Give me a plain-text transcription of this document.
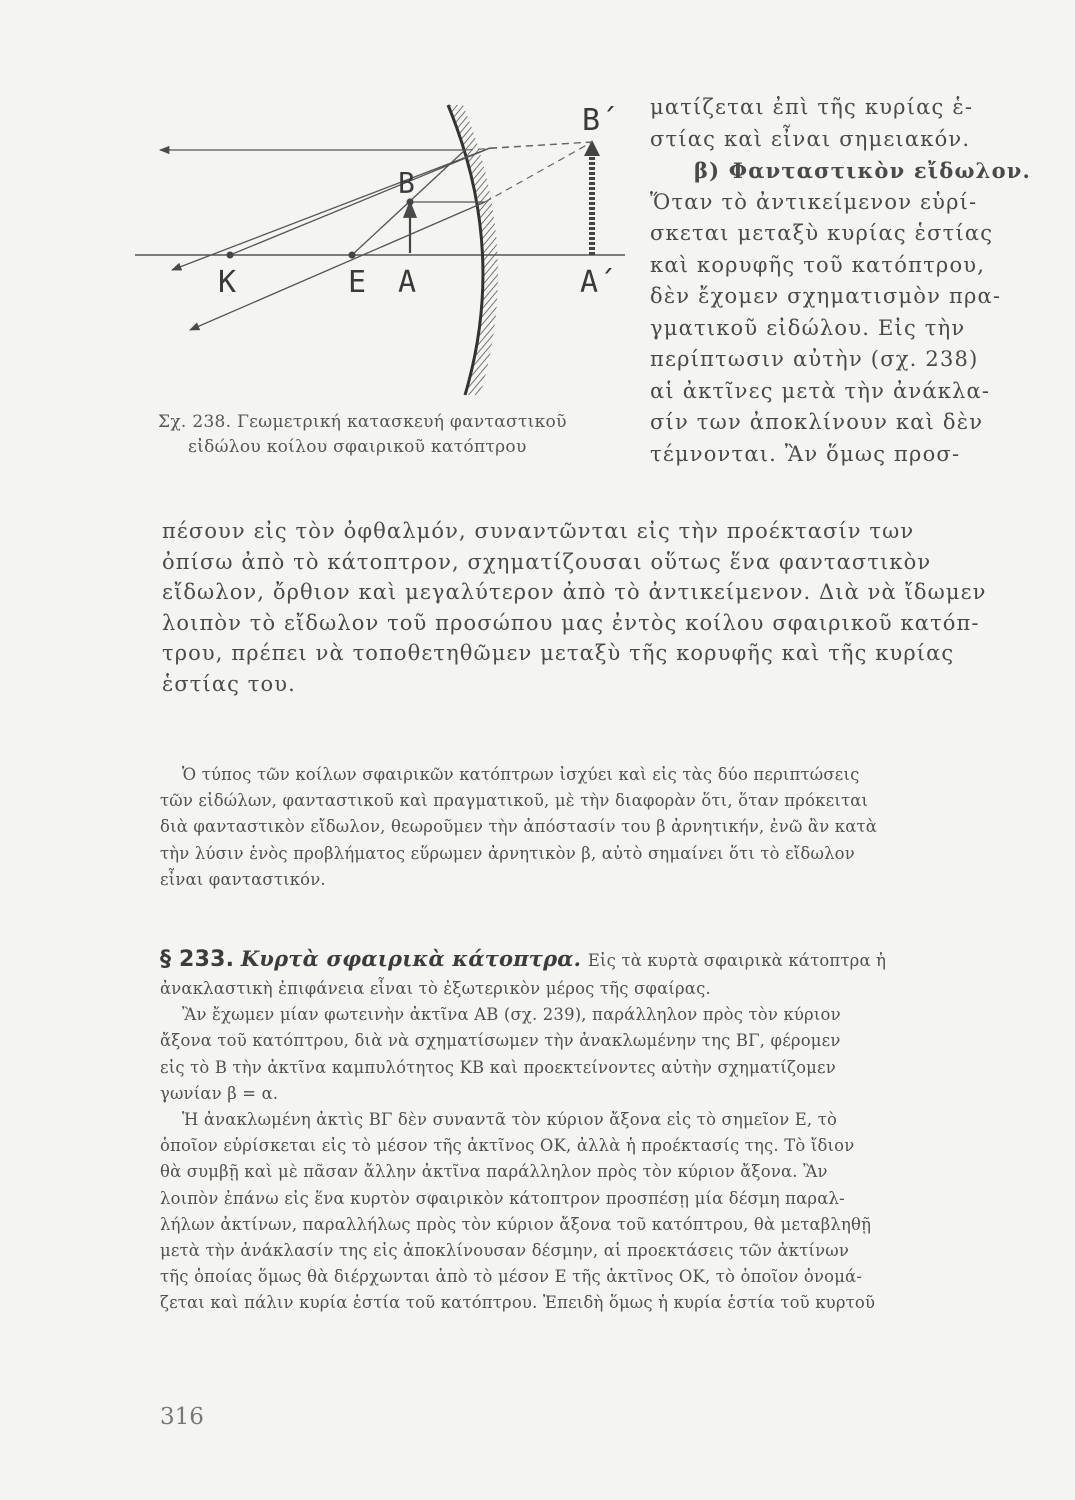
Β΄
Β
Κ	Ε Α	Α΄
Σχ. 238. Γεωμετρική κατασκευή φανταστικοῦ
εἰδώλου κοίλου σφαιρικοῦ κατόπτρου
ματίζεται ἐπὶ τῆς κυρίας ἑ-
στίας καὶ εἶναι σημειακόν.
β) Φανταστικὸν εἴδωλον.
Ὅταν τὸ ἀντικείμενον εὑρί-
σκεται μεταξὺ κυρίας ἑστίας
καὶ κορυφῆς τοῦ κατόπτρου,
δὲν ἔχομεν σχηματισμὸν πρα-
γματικοῦ εἰδώλου. Εἰς τὴν
περίπτωσιν αὐτὴν (σχ. 238)
αἱ ἀκτῖνες μετὰ τὴν ἀνάκλα-
σίν των ἀποκλίνουν καὶ δὲν
τέμνονται. Ἂν ὅμως προσ-
πέσουν εἰς τὸν ὀφθαλμόν, συναντῶνται εἰς τὴν προέκτασίν των
ὀπίσω ἀπὸ τὸ κάτοπτρον, σχηματίζουσαι οὕτως ἕνα φανταστικὸν
εἴδωλον, ὄρθιον καὶ μεγαλύτερον ἀπὸ τὸ ἀντικείμενον. Διὰ νὰ ἴδωμεν
λοιπὸν τὸ εἴδωλον τοῦ προσώπου μας ἐντὸς κοίλου σφαιρικοῦ κατόπ-
τρου, πρέπει νὰ τοποθετηθῶμεν μεταξὺ τῆς κορυφῆς καὶ τῆς κυρίας
ἑστίας του.
Ὁ τύπος τῶν κοίλων σφαιρικῶν κατόπτρων ἰσχύει καὶ εἰς τὰς δύο περιπτώσεις
τῶν εἰδώλων, φανταστικοῦ καὶ πραγματικοῦ, μὲ τὴν διαφορὰν ὅτι, ὅταν πρόκειται
διὰ φανταστικὸν εἴδωλον, θεωροῦμεν τὴν ἀπόστασίν του β ἀρνητικήν, ἐνῶ ἂν κατὰ
τὴν λύσιν ἑνὸς προβλήματος εὕρωμεν ἀρνητικὸν β, αὐτὸ σημαίνει ὅτι τὸ εἴδωλον
εἶναι φανταστικόν.
§ 233. Κυρτὰ σφαιρικὰ κάτοπτρα. Εἰς τὰ κυρτὰ σφαιρικὰ κάτοπτρα ἡ
ἀνακλαστικὴ ἐπιφάνεια εἶναι τὸ ἐξωτερικὸν μέρος τῆς σφαίρας.
Ἂν ἔχωμεν μίαν φωτεινὴν ἀκτῖνα ΑΒ (σχ. 239), παράλληλον πρὸς τὸν κύριον
ἄξονα τοῦ κατόπτρου, διὰ νὰ σχηματίσωμεν τὴν ἀνακλωμένην της ΒΓ, φέρομεν
εἰς τὸ Β τὴν ἀκτῖνα καμπυλότητος ΚΒ καὶ προεκτείνοντες αὐτὴν σχηματίζομεν
γωνίαν β = α.
Ἡ ἀνακλωμένη ἀκτὶς ΒΓ δὲν συναντᾶ τὸν κύριον ἄξονα εἰς τὸ σημεῖον Ε, τὸ
ὁποῖον εὑρίσκεται εἰς τὸ μέσον τῆς ἀκτῖνος ΟΚ, ἀλλὰ ἡ προέκτασίς της. Τὸ ἴδιον
θὰ συμβῇ καὶ μὲ πᾶσαν ἄλλην ἀκτῖνα παράλληλον πρὸς τὸν κύριον ἄξονα. Ἂν
λοιπὸν ἐπάνω εἰς ἕνα κυρτὸν σφαιρικὸν κάτοπτρον προσπέσῃ μία δέσμη παραλ-
λήλων ἀκτίνων, παραλλήλως πρὸς τὸν κύριον ἄξονα τοῦ κατόπτρου, θὰ μεταβληθῇ
μετὰ τὴν ἀνάκλασίν της εἰς ἀποκλίνουσαν δέσμην, αἱ προεκτάσεις τῶν ἀκτίνων
τῆς ὁποίας ὅμως θὰ διέρχωνται ἀπὸ τὸ μέσον Ε τῆς ἀκτῖνος ΟΚ, τὸ ὁποῖον ὀνομά-
ζεται καὶ πάλιν κυρία ἑστία τοῦ κατόπτρου. Ἐπειδὴ ὅμως ἡ κυρία ἑστία τοῦ κυρτοῦ
316
